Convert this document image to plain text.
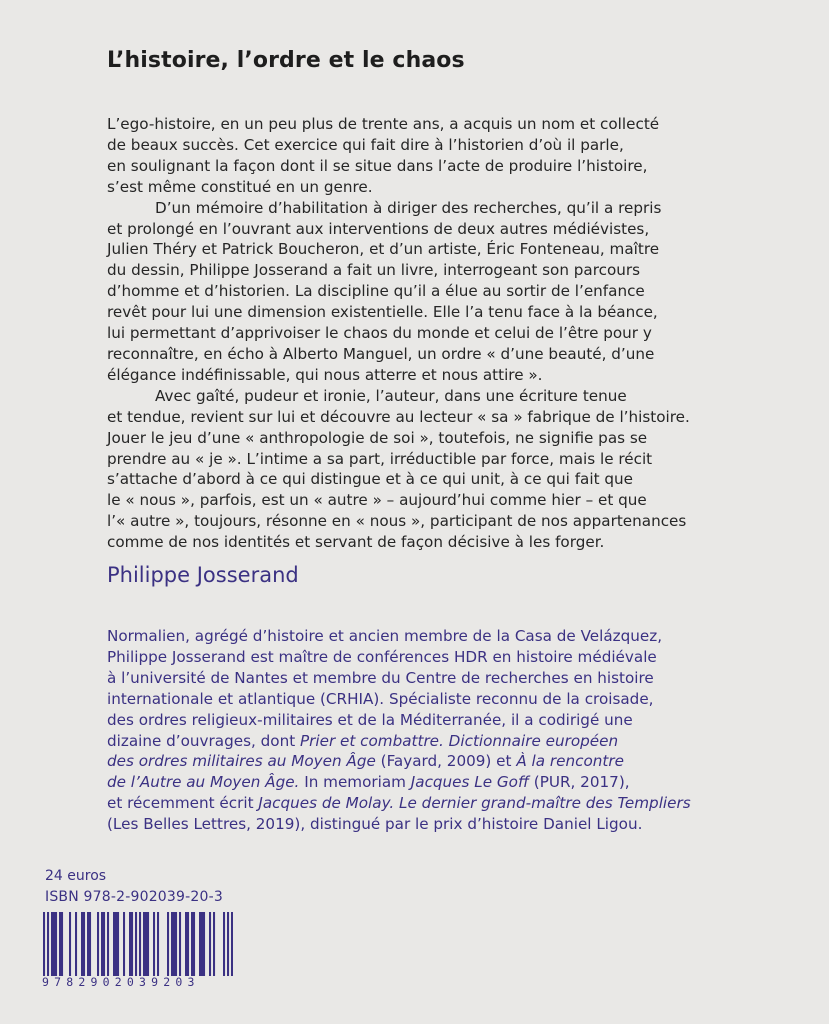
L’histoire, l’ordre et le chaos

L’ego-histoire, en un peu plus de trente ans, a acquis un nom et collecté
de beaux succès. Cet exercice qui fait dire à l’historien d’où il parle,
en soulignant la façon dont il se situe dans l’acte de produire l’histoire,
s’est même constitué en un genre.

D’un mémoire d’habilitation à diriger des recherches, qu’il a repris
et prolongé en l’ouvrant aux interventions de deux autres médiévistes,
Julien Théry et Patrick Boucheron, et d’un artiste, Éric Fonteneau, maître
du dessin, Philippe Josserand a fait un livre, interrogeant son parcours
d’homme et d’historien. La discipline qu’il a élue au sortir de l’enfance
revêt pour lui une dimension existentielle. Elle l’a tenu face à la béance,
lui permettant d’apprivoiser le chaos du monde et celui de l’être pour y
reconnaître, en écho à Alberto Manguel, un ordre « d’une beauté, d’une
élégance indéfinissable, qui nous atterre et nous attire ».

Avec gaîté, pudeur et ironie, l’auteur, dans une écriture tenue
et tendue, revient sur lui et découvre au lecteur « sa » fabrique de l’histoire.
Jouer le jeu d’une « anthropologie de soi », toutefois, ne signifie pas se
prendre au « je ». L’intime a sa part, irréductible par force, mais le récit
s’attache d’abord à ce qui distingue et à ce qui unit, à ce qui fait que
le « nous », parfois, est un « autre » – aujourd’hui comme hier – et que
l’« autre », toujours, résonne en « nous », participant de nos appartenances
comme de nos identités et servant de façon décisive à les forger.

Philippe Josserand
Normalien, agrégé d’histoire et ancien membre de la Casa de Velázquez,
Philippe Josserand est maître de conférences HDR en histoire médiévale
à l’université de Nantes et membre du Centre de recherches en histoire
internationale et atlantique (CRHIA). Spécialiste reconnu de la croisade,
des ordres religieux-militaires et de la Méditerranée, il a codirigé une
dizaine d’ouvrages, dont Prier et combattre. Dictionnaire européen
des ordres militaires au Moyen Âge (Fayard, 2009) et À la rencontre
de l’Autre au Moyen Âge. In memoriam Jacques Le Goff (PUR, 2017),
et récemment écrit Jacques de Molay. Le dernier grand-maître des Templiers
(Les Belles Lettres, 2019), distingué par le prix d’histoire Daniel Ligou.
24 euros
ISBN 978-2-902039-20-3
9782902039203
